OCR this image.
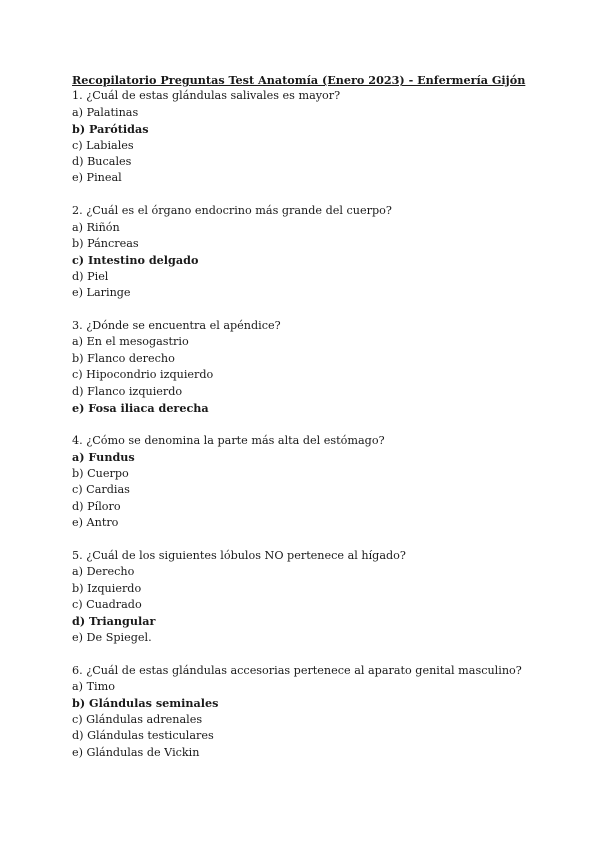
Recopilatorio Preguntas Test Anatomía (Enero 2023) - Enfermería Gijón
1. ¿Cuál de estas glándulas salivales es mayor?
a) Palatinas
b) Parótidas
c) Labiales
d) Bucales
e) Pineal
2. ¿Cuál es el órgano endocrino más grande del cuerpo?
a) Riñón
b) Páncreas
c) Intestino delgado
d) Piel
e) Laringe
3. ¿Dónde se encuentra el apéndice?
a) En el mesogastrio
b) Flanco derecho
c) Hipocondrio izquierdo
d) Flanco izquierdo
e) Fosa iliaca derecha
4. ¿Cómo se denomina la parte más alta del estómago?
a) Fundus
b) Cuerpo
c) Cardias
d) Píloro
e) Antro
5. ¿Cuál de los siguientes lóbulos NO pertenece al hígado?
a) Derecho
b) Izquierdo
c) Cuadrado
d) Triangular
e) De Spiegel.
6. ¿Cuál de estas glándulas accesorias pertenece al aparato genital masculino?
a) Timo
b) Glándulas seminales
c) Glándulas adrenales
d) Glándulas testiculares
e) Glándulas de Vickin
